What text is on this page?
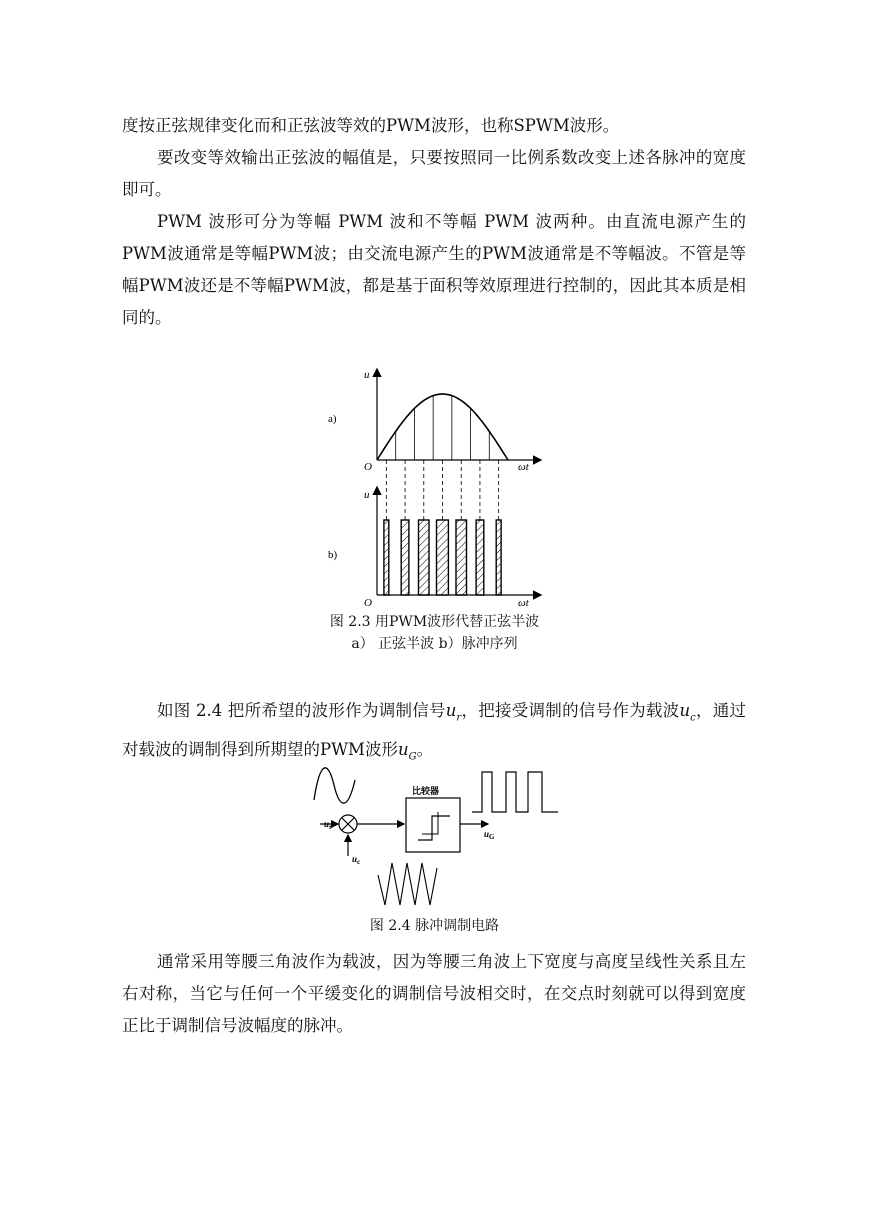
度按正弦规律变化而和正弦波等效的PWM波形，也称SPWM波形。

要改变等效输出正弦波的幅值是，只要按照同一比例系数改变上述各脉冲的宽度即可。

PWM 波形可分为等幅 PWM 波和不等幅 PWM 波两种。由直流电源产生的PWM波通常是等幅PWM波；由交流电源产生的PWM波通常是不等幅波。不管是等幅PWM波还是不等幅PWM波，都是基于面积等效原理进行控制的，因此其本质是相同的。

a)
u
O	ωt
b)
u
O	ωt
图 2.3 用PWM波形代替正弦半波
a） 正弦半波 b）脉冲序列

如图 2.4 把所希望的波形作为调制信号$u_r$，把接受调制的信号作为载波$u_c$，通过对载波的调制得到所期望的PWM波形$u_G$。

$u_r$
$u_c$
比较器
$u_G$
图 2.4 脉冲调制电路

通常采用等腰三角波作为载波，因为等腰三角波上下宽度与高度呈线性关系且左右对称，当它与任何一个平缓变化的调制信号波相交时，在交点时刻就可以得到宽度正比于调制信号波幅度的脉冲。
